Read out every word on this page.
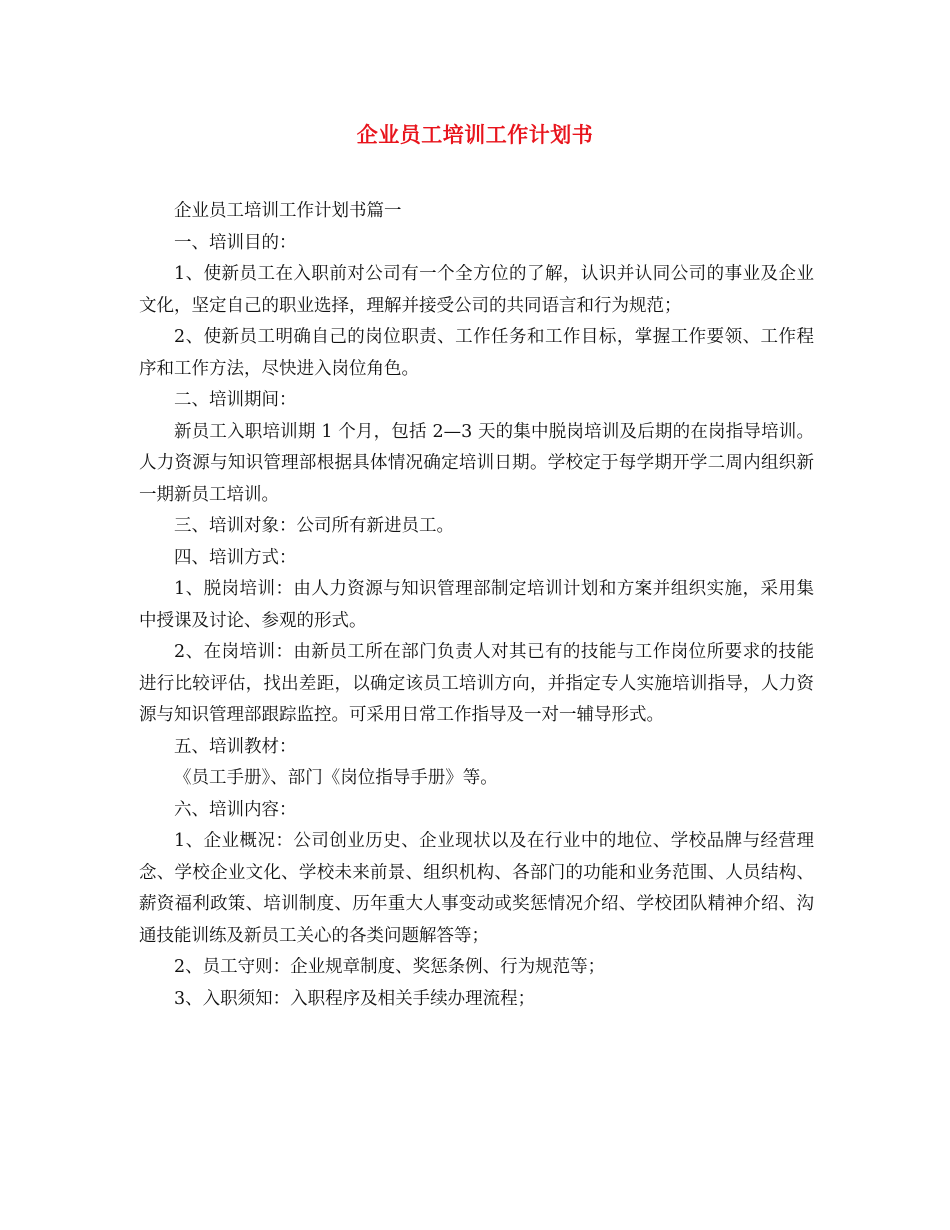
企业员工培训工作计划书

企业员工培训工作计划书篇一

一、培训目的：

1、使新员工在入职前对公司有一个全方位的了解，认识并认同公司的事业及企业文化，坚定自己的职业选择，理解并接受公司的共同语言和行为规范；

2、使新员工明确自己的岗位职责、工作任务和工作目标，掌握工作要领、工作程序和工作方法，尽快进入岗位角色。

二、培训期间：

新员工入职培训期 1 个月，包括 2—3 天的集中脱岗培训及后期的在岗指导培训。人力资源与知识管理部根据具体情况确定培训日期。学校定于每学期开学二周内组织新一期新员工培训。

三、培训对象：公司所有新进员工。

四、培训方式：

1、脱岗培训：由人力资源与知识管理部制定培训计划和方案并组织实施，采用集中授课及讨论、参观的形式。

2、在岗培训：由新员工所在部门负责人对其已有的技能与工作岗位所要求的技能进行比较评估，找出差距，以确定该员工培训方向，并指定专人实施培训指导，人力资源与知识管理部跟踪监控。可采用日常工作指导及一对一辅导形式。

五、培训教材：

《员工手册》、部门《岗位指导手册》等。

六、培训内容：

1、企业概况：公司创业历史、企业现状以及在行业中的地位、学校品牌与经营理念、学校企业文化、学校未来前景、组织机构、各部门的功能和业务范围、人员结构、薪资福利政策、培训制度、历年重大人事变动或奖惩情况介绍、学校团队精神介绍、沟通技能训练及新员工关心的各类问题解答等；

2、员工守则：企业规章制度、奖惩条例、行为规范等；

3、入职须知：入职程序及相关手续办理流程；
